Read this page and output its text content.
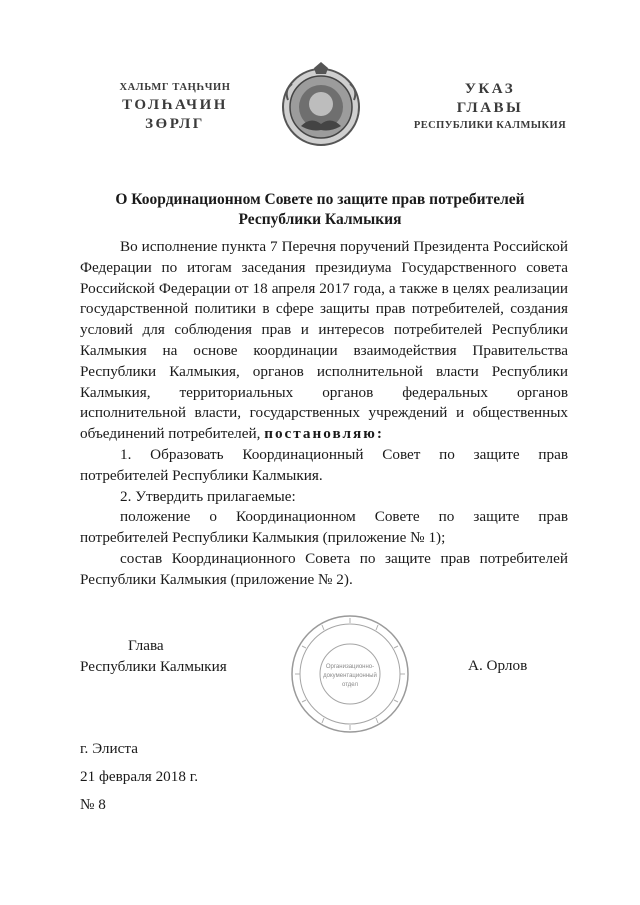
ХАЛЬМГ ТАҢҺЧИН
ТОЛҺАЧИН
ЗӨРЛГ
УКАЗ
ГЛАВЫ
РЕСПУБЛИКИ КАЛМЫКИЯ
О Координационном Совете по защите прав потребителей
Республики Калмыкия

Во исполнение пункта 7 Перечня поручений Президента Российской Федерации по итогам заседания президиума Государственного совета Российской Федерации от 18 апреля 2017 года, а также в целях реализации государственной политики в сфере защиты прав потребителей, создания условий для соблюдения прав и интересов потребителей Республики Калмыкия на основе координации взаимодействия Правительства Республики Калмыкия, органов исполнительной власти Республики Калмыкия, территориальных органов федеральных органов исполнительной власти, государственных учреждений и общественных объединений потребителей, постановляю:

1. Образовать Координационный Совет по защите прав потребителей Республики Калмыкия.

2. Утвердить прилагаемые:

положение о Координационном Совете по защите прав потребителей Республики Калмыкия (приложение № 1);

состав Координационного Совета по защите прав потребителей Республики Калмыкия (приложение № 2).

Глава
Республики Калмыкия	Организационно-
документационный
отдел
А. Орлов
г. Элиста
21 февраля 2018 г.
№ 8
